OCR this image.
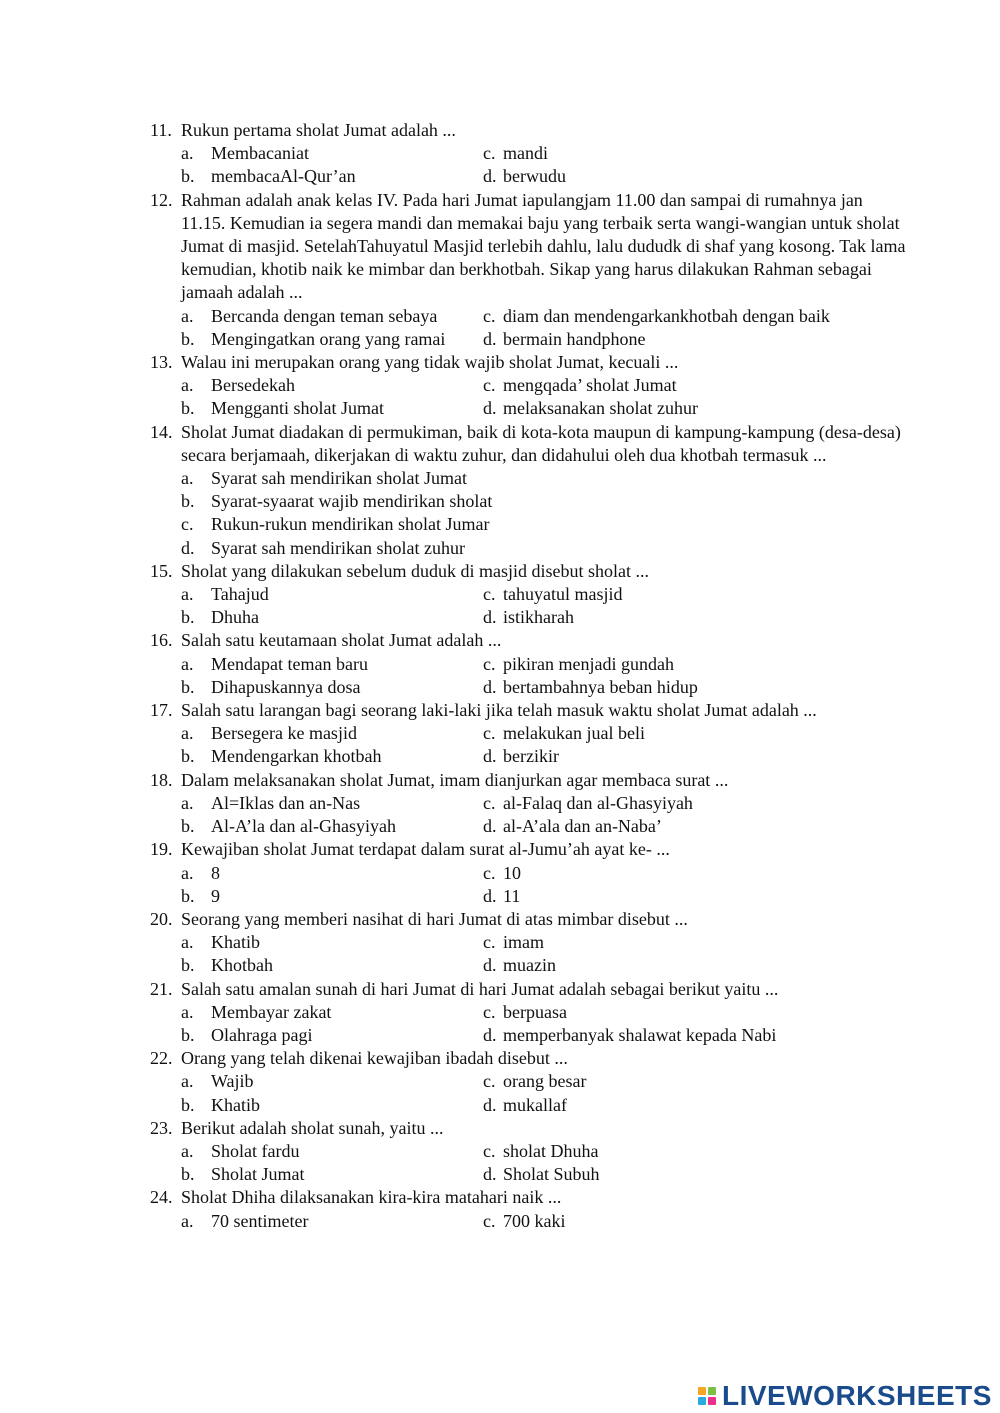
11. Rukun pertama sholat Jumat adalah ...
a. Membacaniat	c. mandi
b. membacaAl-Qur’an	d. berwudu
12. Rahman adalah anak kelas IV. Pada hari Jumat iapulangjam 11.00 dan sampai di rumahnya jan 11.15. Kemudian ia segera mandi dan memakai baju yang terbaik serta wangi-wangian untuk sholat Jumat di masjid. SetelahTahuyatul Masjid terlebih dahlu, lalu dududk di shaf yang kosong. Tak lama kemudian, khotib naik ke mimbar dan berkhotbah. Sikap yang harus dilakukan Rahman sebagai jamaah adalah ...
a. Bercanda dengan teman sebaya	c. diam dan mendengarkankhotbah dengan baik
b. Mengingatkan orang yang ramai d. bermain handphone
13. Walau ini merupakan orang yang tidak wajib sholat Jumat, kecuali ...
a. Bersedekah	c. mengqada’ sholat Jumat
b. Mengganti sholat Jumat	d. melaksanakan sholat zuhur
14. Sholat Jumat diadakan di permukiman, baik di kota-kota maupun di kampung-kampung (desa-desa) secara berjamaah, dikerjakan di waktu zuhur, dan didahului oleh dua khotbah termasuk ...
a. Syarat sah mendirikan sholat Jumat
b. Syarat-syaarat wajib mendirikan sholat
c. Rukun-rukun mendirikan sholat Jumar
d. Syarat sah mendirikan sholat zuhur
15. Sholat yang dilakukan sebelum duduk di masjid disebut sholat ...
a. Tahajud	c. tahuyatul masjid
b. Dhuha	d. istikharah
16. Salah satu keutamaan sholat Jumat adalah ...
a. Mendapat teman baru	c. pikiran menjadi gundah
b. Dihapuskannya dosa	d. bertambahnya beban hidup
17. Salah satu larangan bagi seorang laki-laki jika telah masuk waktu sholat Jumat adalah ...
a. Bersegera ke masjid	c. melakukan jual beli
b. Mendengarkan khotbah	d. berzikir
18. Dalam melaksanakan sholat Jumat, imam dianjurkan agar membaca surat ...
a. Al=Iklas dan an-Nas	c. al-Falaq dan al-Ghasyiyah
b. Al-A’la dan al-Ghasyiyah	d. al-A’ala dan an-Naba’
19. Kewajiban sholat Jumat terdapat dalam surat al-Jumu’ah ayat ke- ...
a. 8	c. 10
b. 9	d. 11
20. Seorang yang memberi nasihat di hari Jumat di atas mimbar disebut ...
a. Khatib	c. imam
b. Khotbah	d. muazin
21. Salah satu amalan sunah di hari Jumat di hari Jumat adalah sebagai berikut yaitu ...
a. Membayar zakat	c. berpuasa
b. Olahraga pagi	d. memperbanyak shalawat kepada Nabi
22. Orang yang telah dikenai kewajiban ibadah disebut ...
a. Wajib	c. orang besar
b. Khatib	d. mukallaf
23. Berikut adalah sholat sunah, yaitu ...
a. Sholat fardu	c. sholat Dhuha
b. Sholat Jumat	d. Sholat Subuh
24. Sholat Dhiha dilaksanakan kira-kira matahari naik ...
a. 70 sentimeter	c. 700 kaki
LIVEWORKSHEETS
